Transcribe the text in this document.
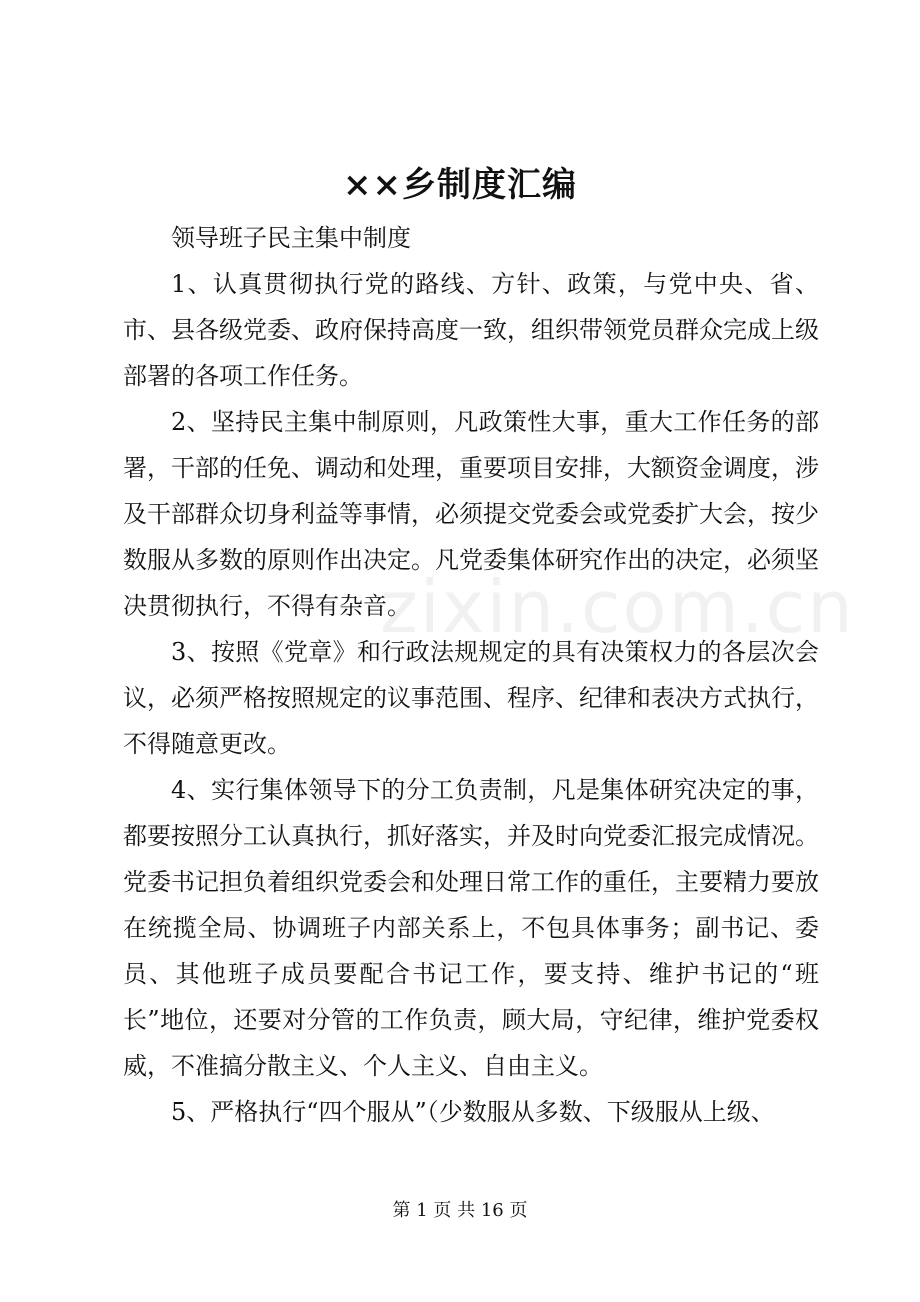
××乡制度汇编

领导班子民主集中制度

1、认真贯彻执行党的路线、方针、政策，与党中央、省、市、县各级党委、政府保持高度一致，组织带领党员群众完成上级部署的各项工作任务。

2、坚持民主集中制原则，凡政策性大事，重大工作任务的部署，干部的任免、调动和处理，重要项目安排，大额资金调度，涉及干部群众切身利益等事情，必须提交党委会或党委扩大会，按少数服从多数的原则作出决定。凡党委集体研究作出的决定，必须坚决贯彻执行，不得有杂音。

3、按照《党章》和行政法规规定的具有决策权力的各层次会议，必须严格按照规定的议事范围、程序、纪律和表决方式执行，不得随意更改。

4、实行集体领导下的分工负责制，凡是集体研究决定的事，都要按照分工认真执行，抓好落实，并及时向党委汇报完成情况。党委书记担负着组织党委会和处理日常工作的重任，主要精力要放在统揽全局、协调班子内部关系上，不包具体事务；副书记、委员、其他班子成员要配合书记工作，要支持、维护书记的“班长”地位，还要对分管的工作负责，顾大局，守纪律，维护党委权威，不准搞分散主义、个人主义、自由主义。

5、严格执行“四个服从”（少数服从多数、下级服从上级、

zixin.com.cn
第 1 页 共 16 页
